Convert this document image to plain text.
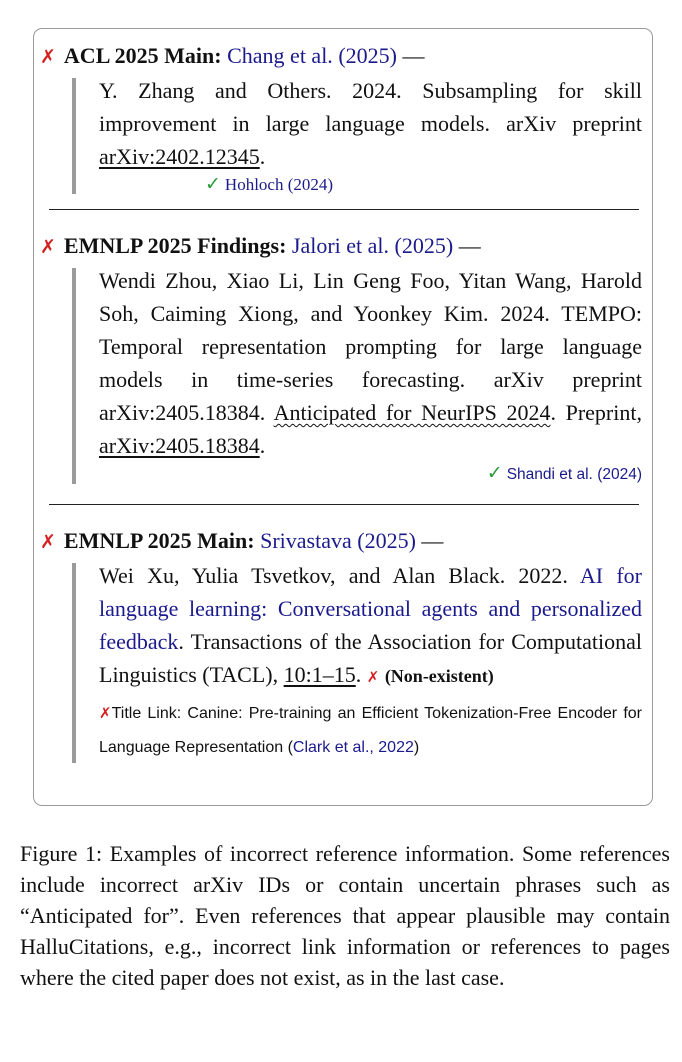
✗ ACL 2025 Main: Chang et al. (2025) —
Y. Zhang and Others. 2024. Subsampling for skill improvement in large language models. arXiv preprint arXiv:2402.12345.
✓ Hohloch (2024)
✗ EMNLP 2025 Findings: Jalori et al. (2025) —
Wendi Zhou, Xiao Li, Lin Geng Foo, Yitan Wang, Harold Soh, Caiming Xiong, and Yoonkey Kim. 2024. TEMPO: Temporal representation prompting for large language models in time-series forecasting. arXiv preprint arXiv:2405.18384. Anticipated for NeurIPS 2024. Preprint, arXiv:2405.18384.
✓ Shandi et al. (2024)
✗ EMNLP 2025 Main: Srivastava (2025) —
Wei Xu, Yulia Tsvetkov, and Alan Black. 2022. AI for language learning: Conversational agents and personalized feedback. Transactions of the Association for Computational Linguistics (TACL), 10:1–15. ✗ (Non-existent)
✗Title Link: Canine: Pre-training an Efficient Tokenization-Free Encoder for Language Representation (Clark et al., 2022)
Figure 1: Examples of incorrect reference information. Some references include incorrect arXiv IDs or contain uncertain phrases such as “Anticipated for”. Even references that appear plausible may contain HalluCitations, e.g., incorrect link information or references to pages where the cited paper does not exist, as in the last case.
